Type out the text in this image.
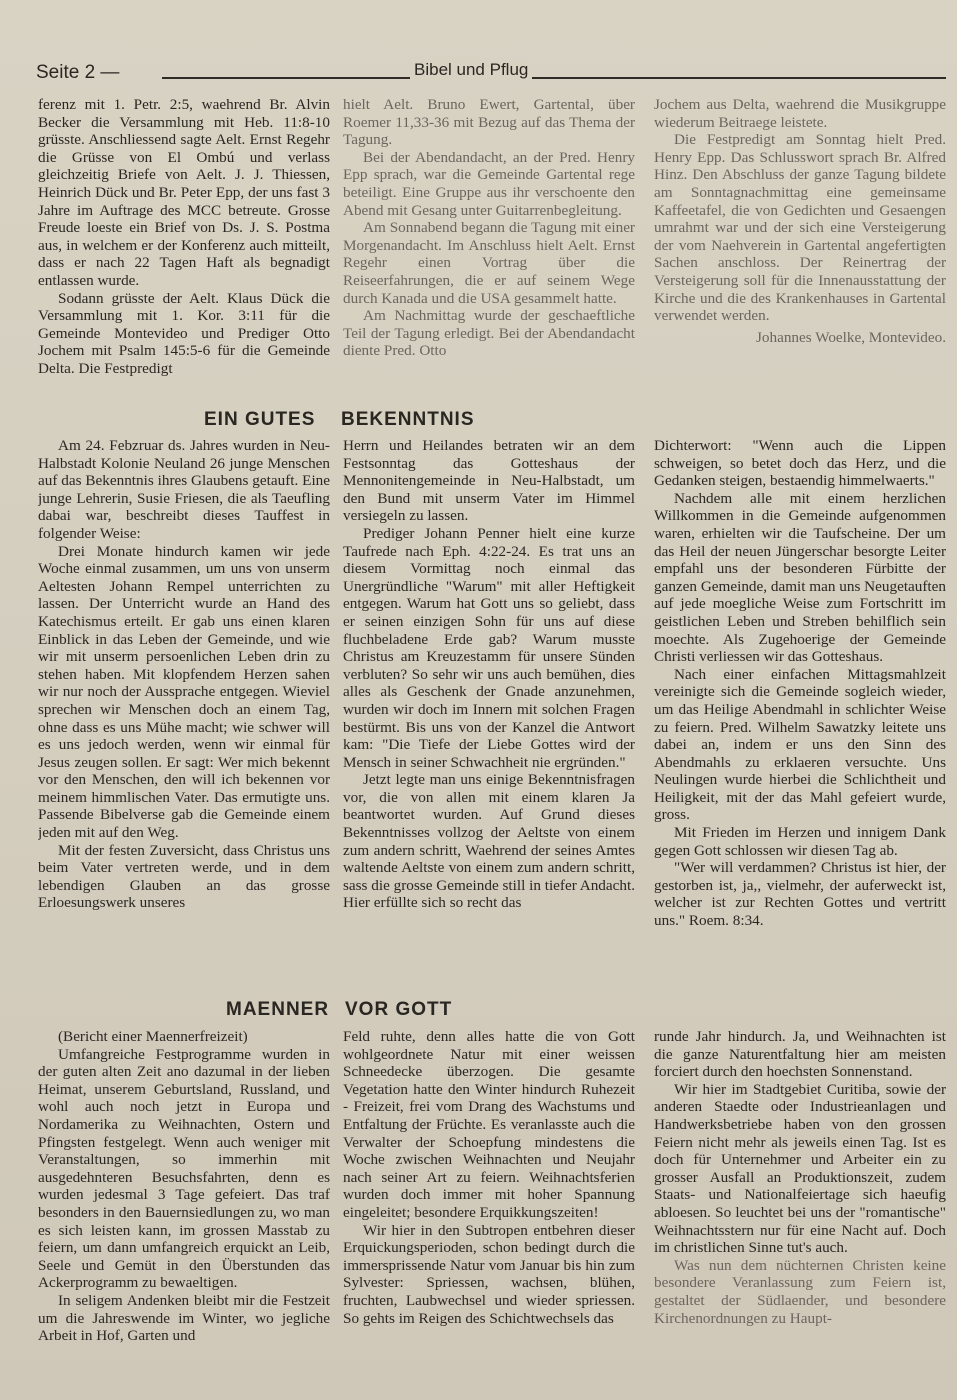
Seite 2 —	Bibel und Pflug

ferenz mit 1. Petr. 2:5, waehrend Br. Alvin Becker die Versammlung mit Heb. 11:8-10 grüsste. Anschliessend sagte Aelt. Ernst Regehr die Grüsse von El Ombú und verlass gleichzeitig Briefe von Aelt. J. J. Thiessen, Heinrich Dück und Br. Peter Epp, der uns fast 3 Jahre im Auftrage des MCC betreute. Grosse Freude loeste ein Brief von Ds. J. S. Postma aus, in welchem er der Konferenz auch mitteilt, dass er nach 22 Tagen Haft als begnadigt entlassen wurde.

Sodann grüsste der Aelt. Klaus Dück die Versammlung mit 1. Kor. 3:11 für die Gemeinde Montevideo und Prediger Otto Jochem mit Psalm 145:5-6 für die Gemeinde Delta. Die Festpredigt

hielt Aelt. Bruno Ewert, Gartental, über Roemer 11,33-36 mit Bezug auf das Thema der Tagung.

Bei der Abendandacht, an der Pred. Henry Epp sprach, war die Gemeinde Gartental rege beteiligt. Eine Gruppe aus ihr verschoente den Abend mit Gesang unter Guitarrenbegleitung.

Am Sonnabend begann die Tagung mit einer Morgenandacht. Im Anschluss hielt Aelt. Ernst Regehr einen Vortrag über die Reiseerfahrungen, die er auf seinem Wege durch Kanada und die USA gesammelt hatte.

Am Nachmittag wurde der geschaeftliche Teil der Tagung erledigt. Bei der Abendandacht diente Pred. Otto

Jochem aus Delta, waehrend die Musikgruppe wiederum Beitraege leistete.

Die Festpredigt am Sonntag hielt Pred. Henry Epp. Das Schlusswort sprach Br. Alfred Hinz. Den Abschluss der ganze Tagung bildete am Sonntagnachmittag eine gemeinsame Kaffeetafel, die von Gedichten und Gesaengen umrahmt war und der sich eine Versteigerung der vom Naehverein in Gartental angefertigten Sachen anschloss. Der Reinertrag der Versteigerung soll für die Innenausstattung der Kirche und die des Krankenhauses in Gartental verwendet werden.

Johannes Woelke, Montevideo.

EIN GUTES BEKENNTNIS

Am 24. Febzruar ds. Jahres wurden in Neu-Halbstadt Kolonie Neuland 26 junge Menschen auf das Bekenntnis ihres Glaubens getauft. Eine junge Lehrerin, Susie Friesen, die als Taeufling dabai war, beschreibt dieses Tauffest in folgender Weise:

Drei Monate hindurch kamen wir jede Woche einmal zusammen, um uns von unserm Aeltesten Johann Rempel unterrichten zu lassen. Der Unterricht wurde an Hand des Katechismus erteilt. Er gab uns einen klaren Einblick in das Leben der Gemeinde, und wie wir mit unserm persoenlichen Leben drin zu stehen haben. Mit klopfendem Herzen sahen wir nur noch der Aussprache entgegen. Wieviel sprechen wir Menschen doch an einem Tag, ohne dass es uns Mühe macht; wie schwer will es uns jedoch werden, wenn wir einmal für Jesus zeugen sollen. Er sagt: Wer mich bekennt vor den Menschen, den will ich bekennen vor meinem himmlischen Vater. Das ermutigte uns. Passende Bibelverse gab die Gemeinde einem jeden mit auf den Weg.

Mit der festen Zuversicht, dass Christus uns beim Vater vertreten werde, und in dem lebendigen Glauben an das grosse Erloesungswerk unseres

Herrn und Heilandes betraten wir an dem Festsonntag das Gotteshaus der Mennonitengemeinde in Neu-Halbstadt, um den Bund mit unserm Vater im Himmel versiegeln zu lassen.

Prediger Johann Penner hielt eine kurze Taufrede nach Eph. 4:22-24. Es trat uns an diesem Vormittag noch einmal das Unergründliche "Warum" mit aller Heftigkeit entgegen. Warum hat Gott uns so geliebt, dass er seinen einzigen Sohn für uns auf diese fluchbeladene Erde gab? Warum musste Christus am Kreuzestamm für unsere Sünden verbluten? So sehr wir uns auch bemühen, dies alles als Geschenk der Gnade anzunehmen, wurden wir doch im Innern mit solchen Fragen bestürmt. Bis uns von der Kanzel die Antwort kam: "Die Tiefe der Liebe Gottes wird der Mensch in seiner Schwachheit nie ergründen."

Jetzt legte man uns einige Bekenntnisfragen vor, die von allen mit einem klaren Ja beantwortet wurden. Auf Grund dieses Bekenntnisses vollzog der Aeltste von einem zum andern schritt, Waehrend der seines Amtes waltende Aeltste von einem zum andern schritt, sass die grosse Gemeinde still in tiefer Andacht. Hier erfüllte sich so recht das

Dichterwort: "Wenn auch die Lippen schweigen, so betet doch das Herz, und die Gedanken steigen, bestaendig himmelwaerts."

Nachdem alle mit einem herzlichen Willkommen in die Gemeinde aufgenommen waren, erhielten wir die Taufscheine. Der um das Heil der neuen Jüngerschar besorgte Leiter empfahl uns der besonderen Fürbitte der ganzen Gemeinde, damit man uns Neugetauften auf jede moegliche Weise zum Fortschritt im geistlichen Leben und Streben behilflich sein moechte. Als Zugehoerige der Gemeinde Christi verliessen wir das Gotteshaus.

Nach einer einfachen Mittagsmahlzeit vereinigte sich die Gemeinde sogleich wieder, um das Heilige Abendmahl in schlichter Weise zu feiern. Pred. Wilhelm Sawatzky leitete uns dabei an, indem er uns den Sinn des Abendmahls zu erklaeren versuchte. Uns Neulingen wurde hierbei die Schlichtheit und Heiligkeit, mit der das Mahl gefeiert wurde, gross.

Mit Frieden im Herzen und innigem Dank gegen Gott schlossen wir diesen Tag ab.

"Wer will verdammen? Christus ist hier, der gestorben ist, ja,, vielmehr, der auferweckt ist, welcher ist zur Rechten Gottes und vertritt uns." Roem. 8:34.

MAENNER VOR GOTT

(Bericht einer Maennerfreizeit)

Umfangreiche Festprogramme wurden in der guten alten Zeit ano dazumal in der lieben Heimat, unserem Geburtsland, Russland, und wohl auch noch jetzt in Europa und Nordamerika zu Weihnachten, Ostern und Pfingsten festgelegt. Wenn auch weniger mit Veranstaltungen, so immerhin mit ausgedehnteren Besuchsfahrten, denn es wurden jedesmal 3 Tage gefeiert. Das traf besonders in den Bauernsiedlungen zu, wo man es sich leisten kann, im grossen Masstab zu feiern, um dann umfangreich erquickt an Leib, Seele und Gemüt in den Überstunden das Ackerprogramm zu bewaeltigen.

In seligem Andenken bleibt mir die Festzeit um die Jahreswende im Winter, wo jegliche Arbeit in Hof, Garten und

Feld ruhte, denn alles hatte die von Gott wohlgeordnete Natur mit einer weissen Schneedecke überzogen. Die gesamte Vegetation hatte den Winter hindurch Ruhezeit - Freizeit, frei vom Drang des Wachstums und Entfaltung der Früchte. Es veranlasste auch die Verwalter der Schoepfung mindestens die Woche zwischen Weihnachten und Neujahr nach seiner Art zu feiern. Weihnachtsferien wurden doch immer mit hoher Spannung eingeleitet; besondere Erquikkungszeiten!

Wir hier in den Subtropen entbehren dieser Erquickungsperioden, schon bedingt durch die immersprissende Natur vom Januar bis hin zum Sylvester: Spriessen, wachsen, blühen, fruchten, Laubwechsel und wieder spriessen. So gehts im Reigen des Schichtwechsels das

runde Jahr hindurch. Ja, und Weihnachten ist die ganze Naturentfaltung hier am meisten forciert durch den hoechsten Sonnenstand.

Wir hier im Stadtgebiet Curitiba, sowie der anderen Staedte oder Industrieanlagen und Handwerksbetriebe haben von den grossen Feiern nicht mehr als jeweils einen Tag. Ist es doch für Unternehmer und Arbeiter ein zu grosser Ausfall an Produktionszeit, zudem Staats- und Nationalfeiertage sich haeufig abloesen. So leuchtet bei uns der "romantische" Weihnachtsstern nur für eine Nacht auf. Doch im christlichen Sinne tut's auch.

Was nun dem nüchternen Christen keine besondere Veranlassung zum Feiern ist, gestaltet der Südlaender, und besondere Kirchenordnungen zu Haupt-
